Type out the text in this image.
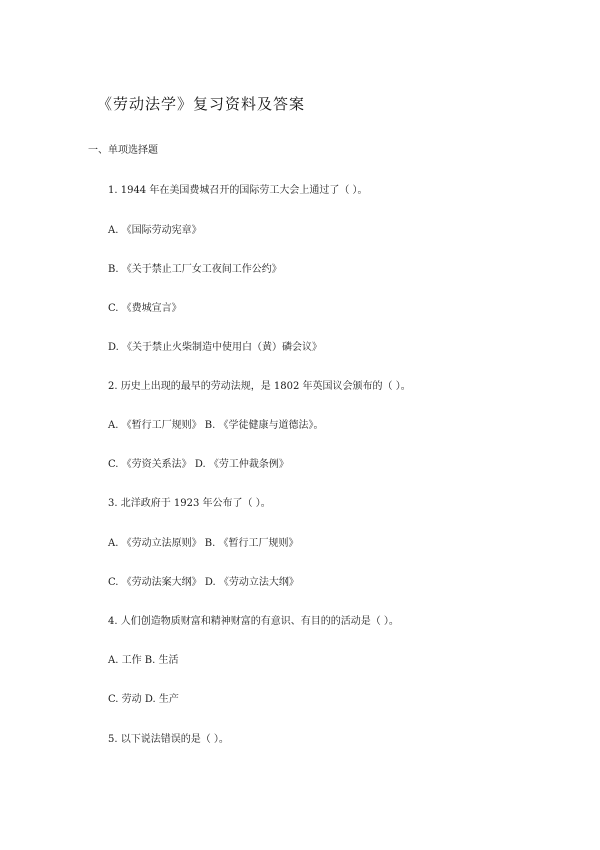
《劳动法学》复习资料及答案
一、单项选择题
1. 1944 年在美国费城召开的国际劳工大会上通过了（ ）。
A. 《国际劳动宪章》
B. 《关于禁止工厂女工夜间工作公约》
C. 《费城宣言》
D. 《关于禁止火柴制造中使用白（黄）磷会议》
2. 历史上出现的最早的劳动法规，是 1802 年英国议会颁布的（ ）。
A. 《暂行工厂规则》 B. 《学徒健康与道德法》。
C. 《劳资关系法》 D. 《劳工仲裁条例》
3. 北洋政府于 1923 年公布了（ ）。
A. 《劳动立法原则》 B. 《暂行工厂规则》
C. 《劳动法案大纲》 D. 《劳动立法大纲》
4. 人们创造物质财富和精神财富的有意识、有目的的活动是（ ）。
A. 工作 B. 生活
C. 劳动 D. 生产
5. 以下说法错误的是（ ）。
